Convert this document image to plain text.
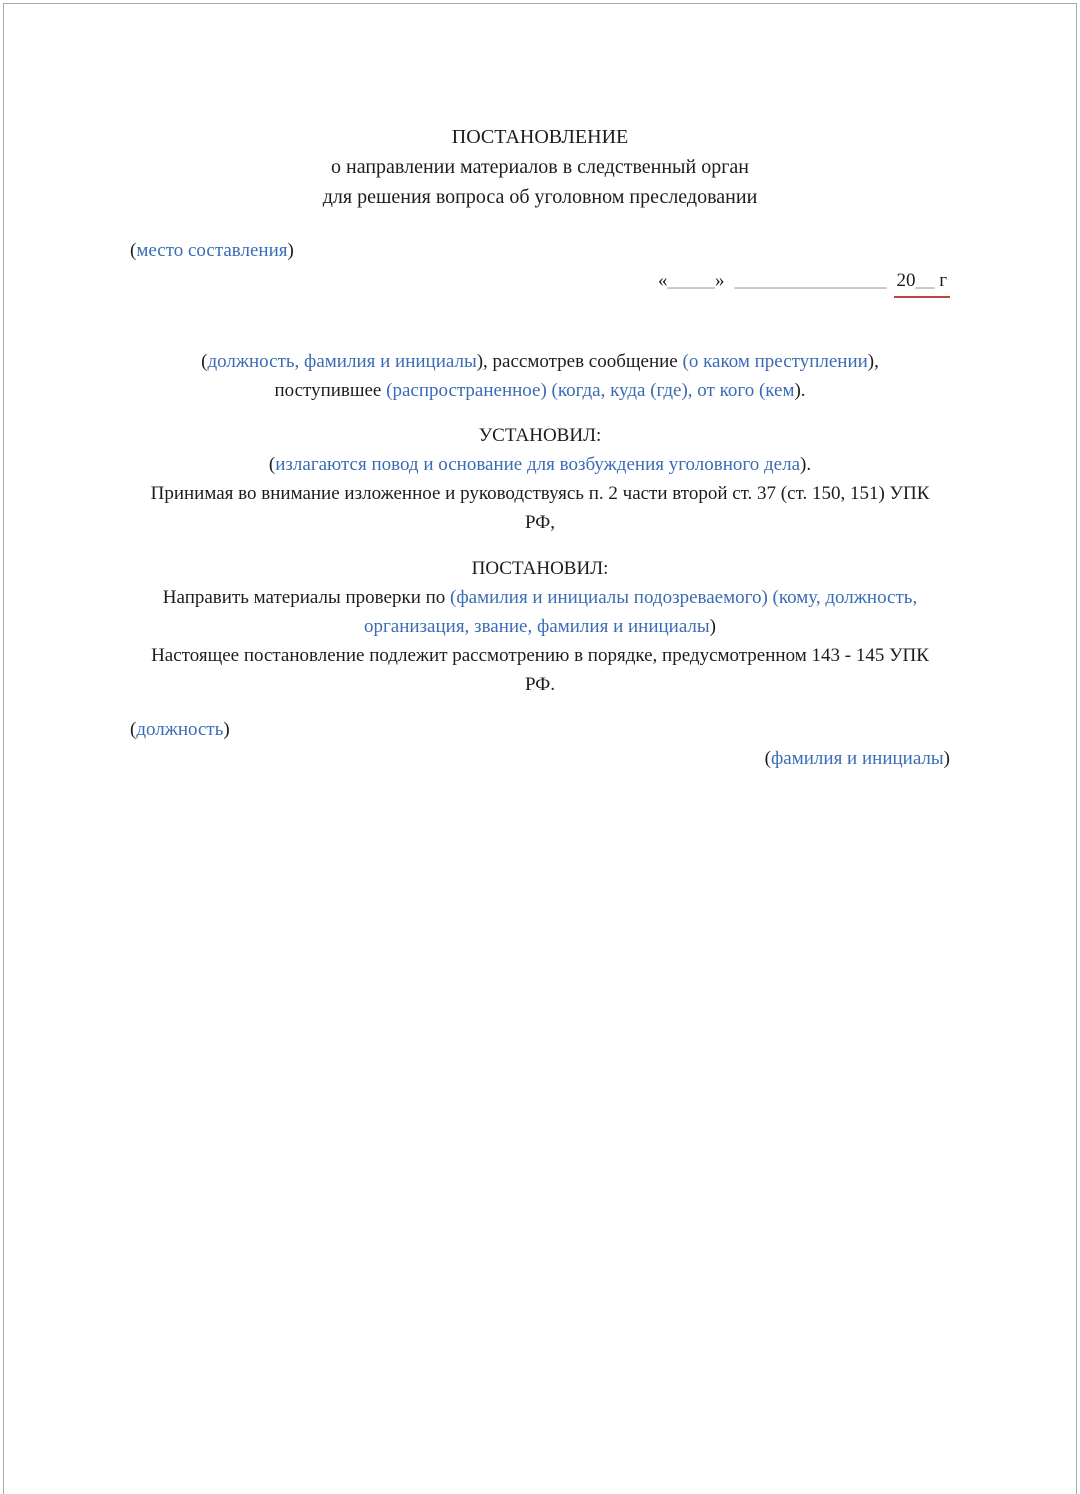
ПОСТАНОВЛЕНИЕ
о направлении материалов в следственный орган
для решения вопроса об уголовном преследовании
(место составления)
«_____» ________________ 20__ г
(должность, фамилия и инициалы), рассмотрев сообщение (о каком преступлении),
поступившее (распространенное) (когда, куда (где), от кого (кем).
УСТАНОВИЛ:
(излагаются повод и основание для возбуждения уголовного дела).
Принимая во внимание изложенное и руководствуясь п. 2 части второй ст. 37 (ст. 150, 151) УПК
РФ,
ПОСТАНОВИЛ:
Направить материалы проверки по (фамилия и инициалы подозреваемого) (кому, должность,
организация, звание, фамилия и инициалы)
Настоящее постановление подлежит рассмотрению в порядке, предусмотренном 143 - 145 УПК
РФ.
(должность)
(фамилия и инициалы)
